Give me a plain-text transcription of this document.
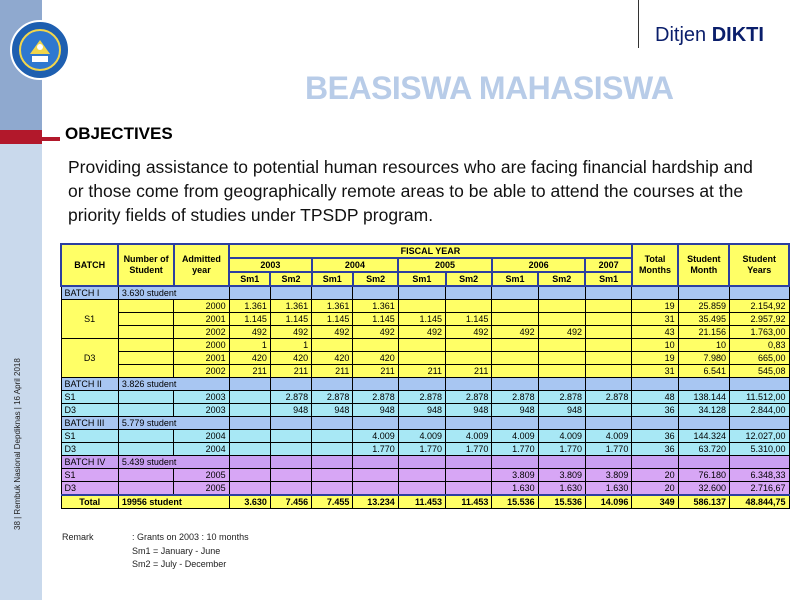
38 | Rembuk Nasional Depdiknas | 16 April 2018
Ditjen DIKTI
BEASISWA MAHASISWA
OBJECTIVES
Providing assistance to potential human resources who are facing financial hardship and or those come from geographically remote areas to be able to attend the courses at the priority fields of studies under TPSDP program.
BATCH	Number of Student	Admitted year	FISCAL YEAR									Total Months	Student Month	Student Years
			2003		2004		2005		2006		2007			
			Sm1	Sm2	Sm1	Sm2	Sm1	Sm2	Sm1	Sm2	Sm1			
BATCH I	3.630 student													
S1		2000	1.361	1.361	1.361	1.361						19	25.859	2.154,92
		2001	1.145	1.145	1.145	1.145	1.145	1.145				31	35.495	2.957,92
		2002	492	492	492	492	492	492	492	492		43	21.156	1.763,00
D3		2000	1	1								10	10	0,83
		2001	420	420	420	420						19	7.980	665,00
		2002	211	211	211	211	211	211				31	6.541	545,08
BATCH II	3.826 student													
S1		2003		2.878	2.878	2.878	2.878	2.878	2.878	2.878	2.878	48	138.144	11.512,00
D3		2003		948	948	948	948	948	948	948		36	34.128	2.844,00
BATCH III	5.779 student													
S1		2004				4.009	4.009	4.009	4.009	4.009	4.009	36	144.324	12.027,00
D3		2004				1.770	1.770	1.770	1.770	1.770	1.770	36	63.720	5.310,00
BATCH IV	5.439 student													
S1		2005							3.809	3.809	3.809	20	76.180	6.348,33
D3		2005							1.630	1.630	1.630	20	32.600	2.716,67
Total	19956 student		3.630	7.456	7.455	13.234	11.453	11.453	15.536	15.536	14.096	349	586.137	48.844,75
Remark	: Grants on 2003 : 10 months
Sm1 = January - June
Sm2 = July - December
